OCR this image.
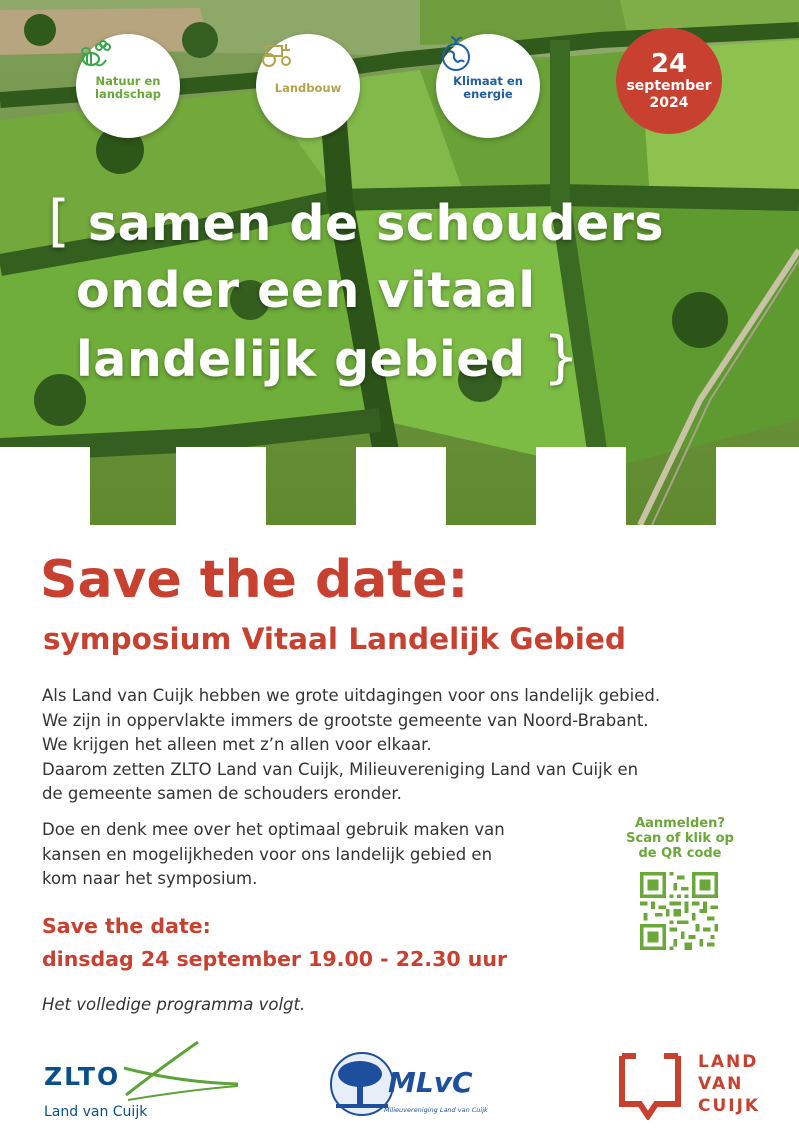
Natuur en landschap	Landbouw	Klimaat en energie
24
september
2024
[ samen de schouders
onder een vitaal
landelijk gebied }
Save the date:
symposium Vitaal Landelijk Gebied

Als Land van Cuijk hebben we grote uitdagingen voor ons landelijk gebied.
We zijn in oppervlakte immers de grootste gemeente van Noord-Brabant.
We krijgen het alleen met z’n allen voor elkaar.
Daarom zetten ZLTO Land van Cuijk, Milieuvereniging Land van Cuijk en
de gemeente samen de schouders eronder.

Doe en denk mee over het optimaal gebruik maken van
kansen en mogelijkheden voor ons landelijk gebied en
kom naar het symposium.

Aanmelden?
Scan of klik op
de QR code
Save the date:
dinsdag 24 september 19.00 - 22.30 uur
Het volledige programma volgt.
ZLTO
Land van Cuijk
MLvC
Milieuvereniging Land van Cuijk
LAND
VAN
CUIJK
